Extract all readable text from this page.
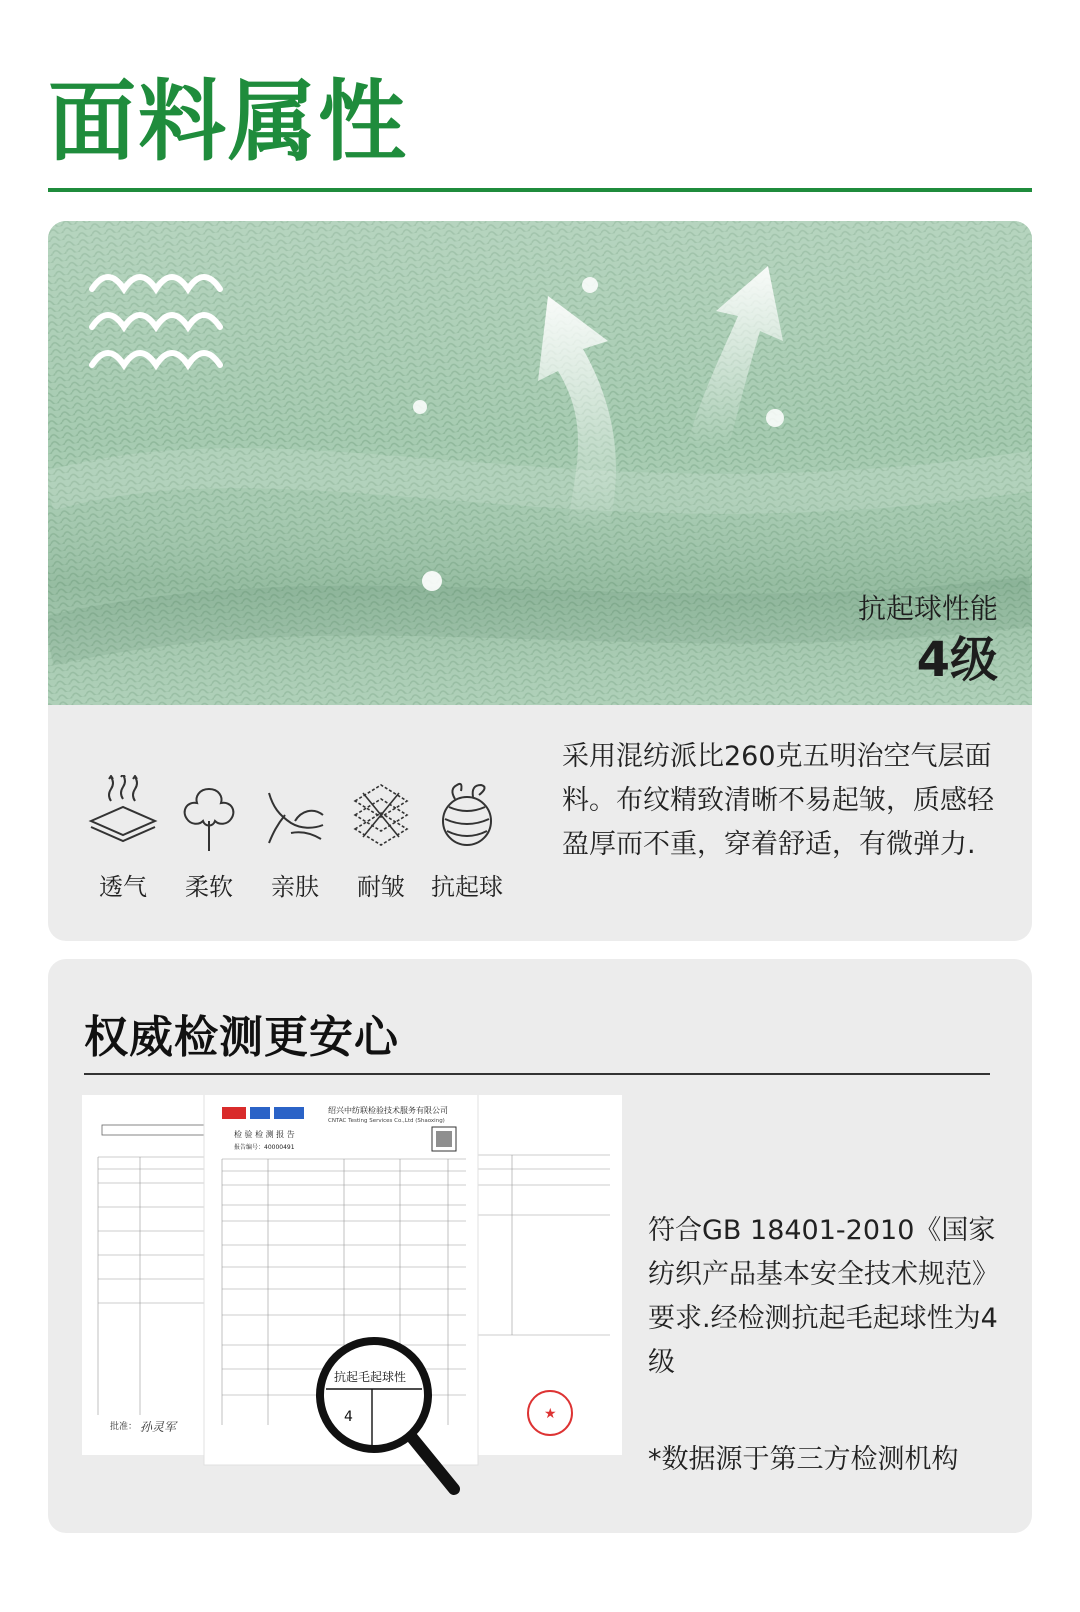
面料属性
抗起球性能
4级
透气 柔软 亲肤 耐皱 抗起球
采用混纺派比260克五明治空气层面料。布纹精致清晰不易起皱，质感轻盈厚而不重，穿着舒适，有微弹力.
权威检测更安心
批准： 孙灵军
★
绍兴中纺联检验技术服务有限公司
CNTAC Testing Services Co.,Ltd (Shaoxing)
检 验 检 测 报 告
报告编号：40000491
抗起毛起球性
4
符合GB 18401-2010《国家纺织产品基本安全技术规范》要求.经检测抗起毛起球性为4级
*数据源于第三方检测机构
